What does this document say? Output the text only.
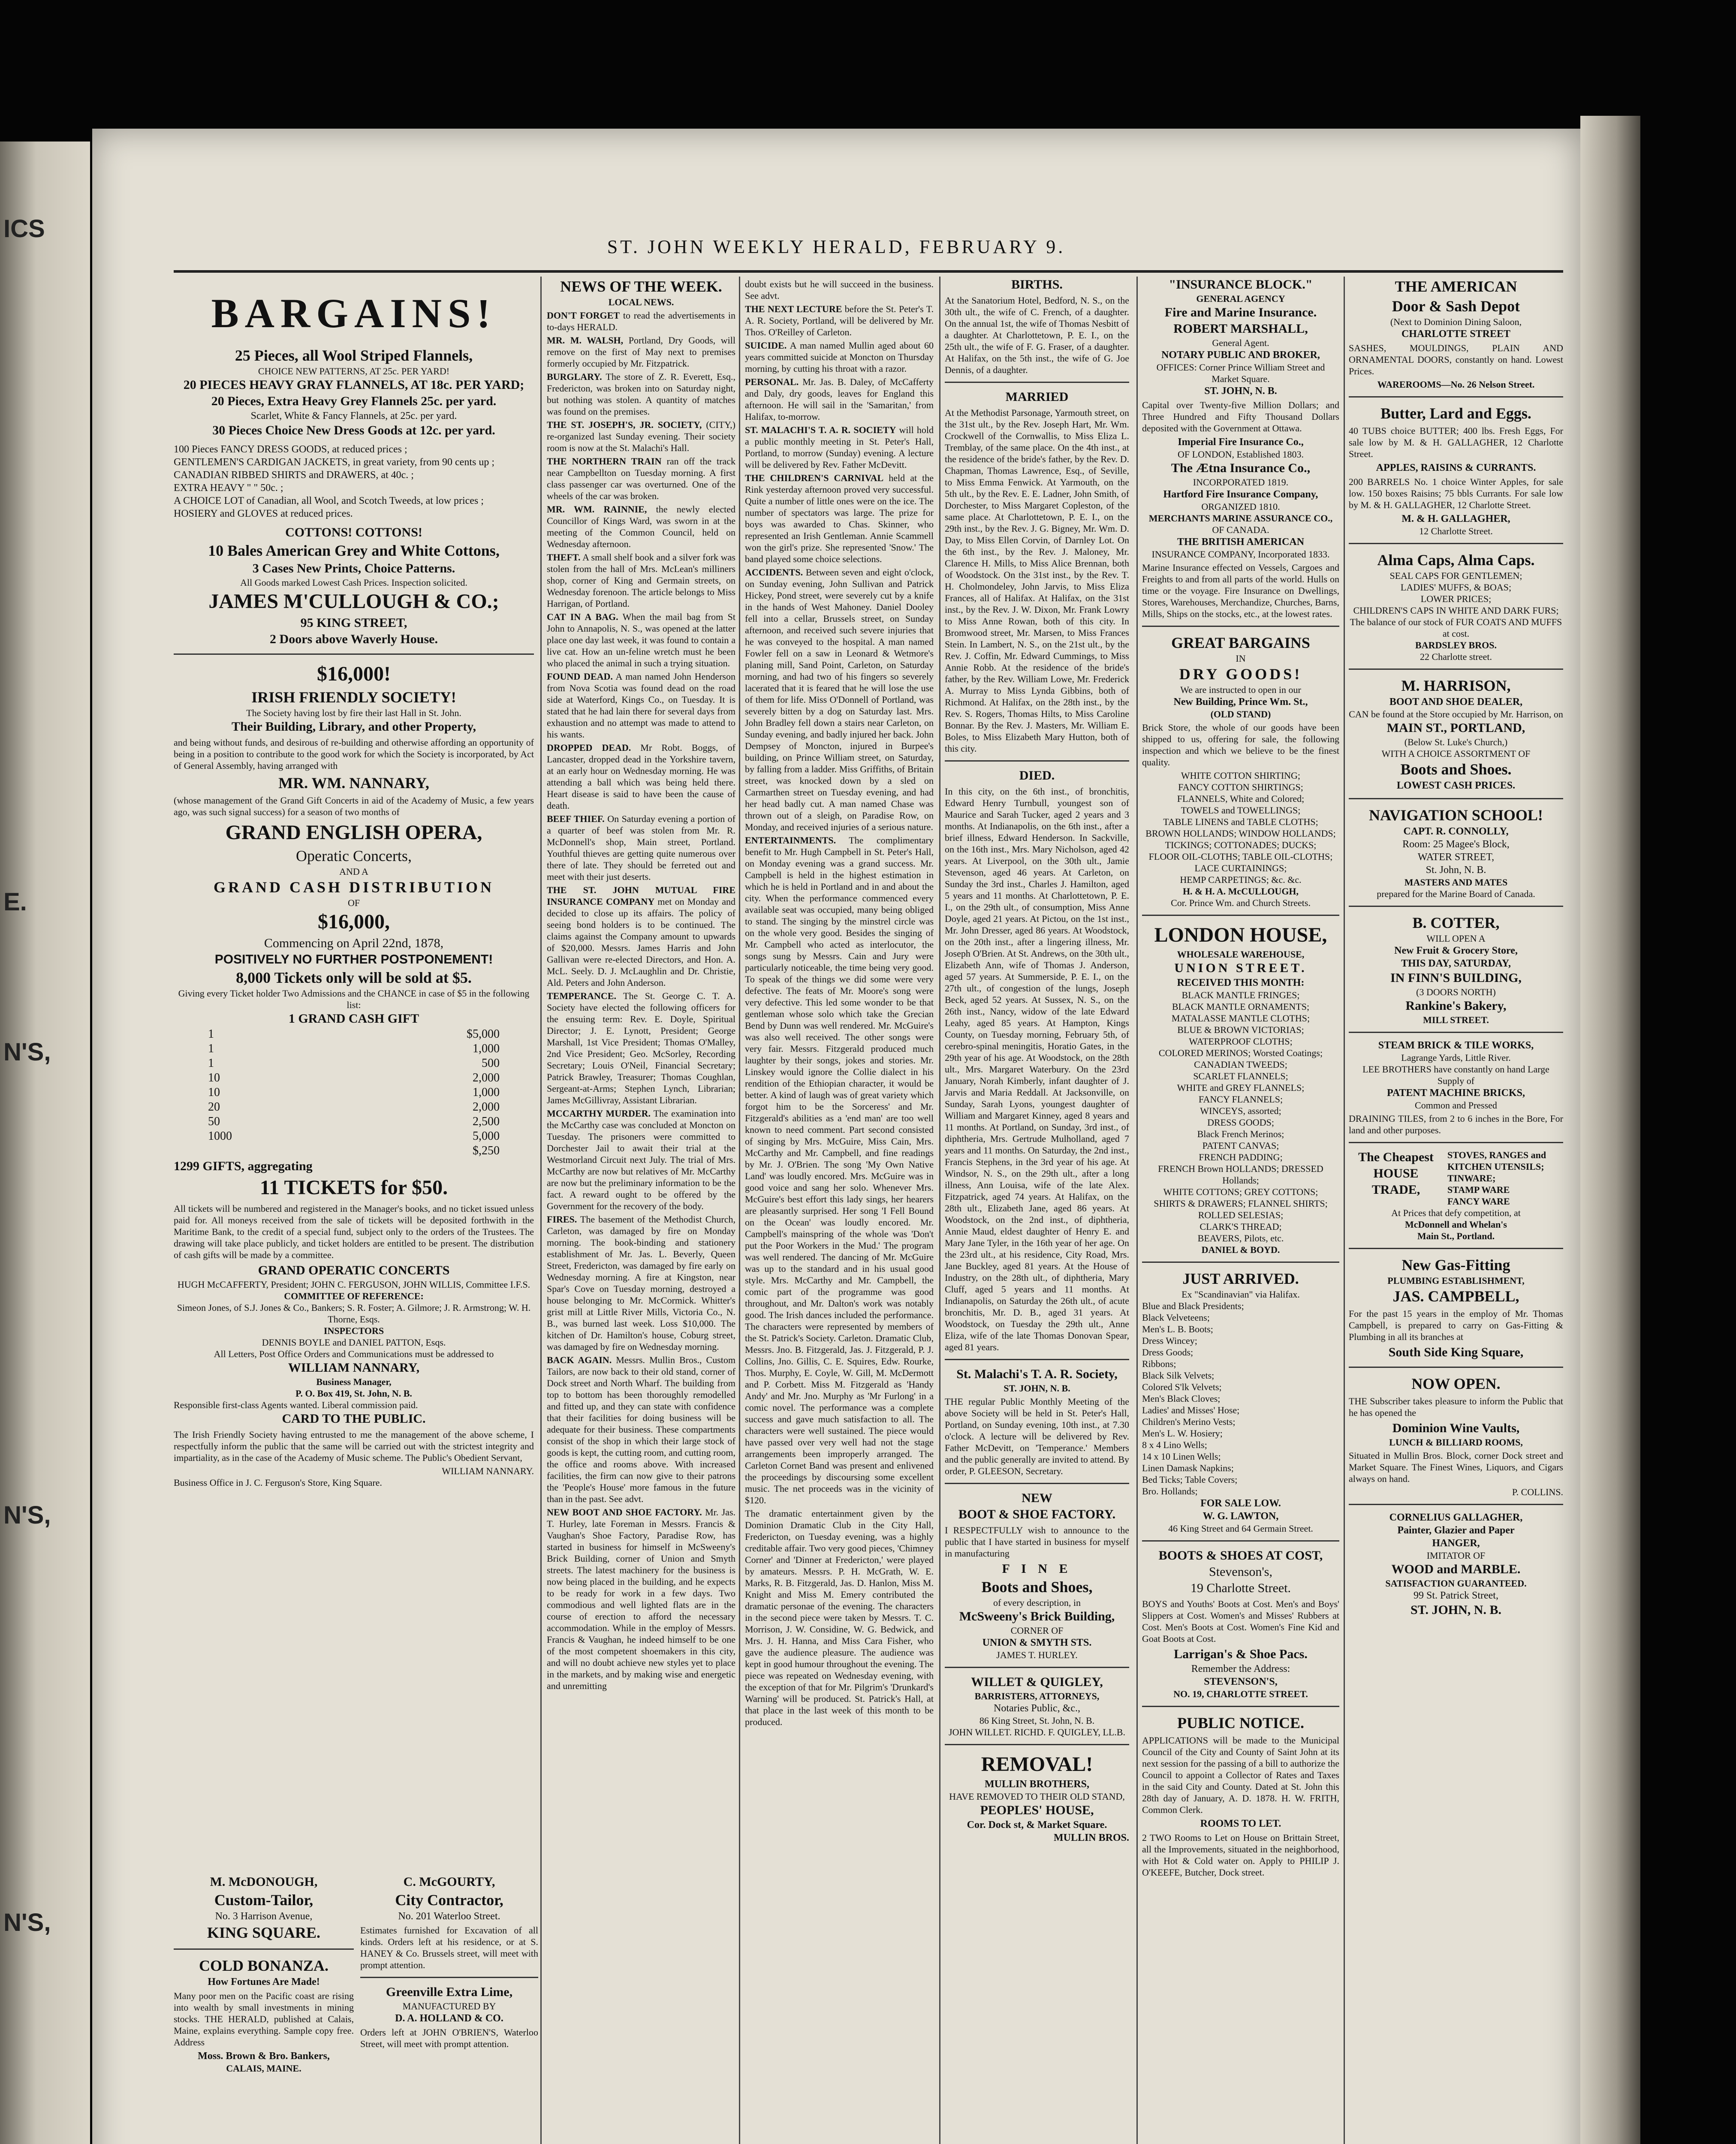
ICS
E.
N'S,
N'S,
N'S,
ST. JOHN WEEKLY HERALD, FEBRUARY 9.
BARGAINS!
25 Pieces, all Wool Striped Flannels,
CHOICE NEW PATTERNS, AT 25c. PER YARD!
20 PIECES HEAVY GRAY FLANNELS, AT 18c. PER YARD;
20 Pieces, Extra Heavy Grey Flannels 25c. per yard.
Scarlet, White & Fancy Flannels, at 25c. per yard.
30 Pieces Choice New Dress Goods at 12c. per yard.
100 Pieces FANCY DRESS GOODS, at reduced prices ;
GENTLEMEN'S CARDIGAN JACKETS, in great variety, from 90 cents up ;
CANADIAN RIBBED SHIRTS and DRAWERS, at 40c. ;
EXTRA HEAVY " " 50c. ;
A CHOICE LOT of Canadian, all Wool, and Scotch Tweeds, at low prices ;
HOSIERY and GLOVES at reduced prices.
COTTONS! COTTONS!
10 Bales American Grey and White Cottons,
3 Cases New Prints, Choice Patterns.
All Goods marked Lowest Cash Prices. Inspection solicited.
JAMES M'CULLOUGH & CO.;
95 KING STREET,
2 Doors above Waverly House.
$16,000!
IRISH FRIENDLY SOCIETY!
The Society having lost by fire their last Hall in St. John.
Their Building, Library, and other Property,
and being without funds, and desirous of re-building and otherwise affording an opportunity of being in a position to contribute to the good work for which the Society is incorporated, by Act of General Assembly, having arranged with
MR. WM. NANNARY,
(whose management of the Grand Gift Concerts in aid of the Academy of Music, a few years ago, was such signal success) for a season of two months of
GRAND ENGLISH OPERA,
Operatic Concerts,
AND A
GRAND CASH DISTRIBUTION
OF
$16,000,
Commencing on April 22nd, 1878,
POSITIVELY NO FURTHER POSTPONEMENT!
8,000 Tickets only will be sold at $5.
Giving every Ticket holder Two Admissions and the CHANCE in case of $5 in the following list:
1 GRAND CASH GIFT
1	$5,000
1	1,000
1	500
10	2,000
10	1,000
20	2,000
50	2,500
1000	5,000
$,250
1299 GIFTS, aggregating
11 TICKETS for $50.
All tickets will be numbered and registered in the Manager's books, and no ticket issued unless paid for. All moneys received from the sale of tickets will be deposited forthwith in the Maritime Bank, to the credit of a special fund, subject only to the orders of the Trustees. The drawing will take place publicly, and ticket holders are entitled to be present. The distribution of cash gifts will be made by a committee.
GRAND OPERATIC CONCERTS
HUGH McCAFFERTY, President; JOHN C. FERGUSON, JOHN WILLIS, Committee I.F.S.
COMMITTEE OF REFERENCE:
Simeon Jones, of S.J. Jones & Co., Bankers; S. R. Foster; A. Gilmore; J. R. Armstrong; W. H. Thorne, Esqs.
INSPECTORS
DENNIS BOYLE and DANIEL PATTON, Esqs.
All Letters, Post Office Orders and Communications must be addressed to
WILLIAM NANNARY,
Business Manager,
P. O. Box 419, St. John, N. B.
Responsible first-class Agents wanted. Liberal commission paid.
CARD TO THE PUBLIC.
The Irish Friendly Society having entrusted to me the management of the above scheme, I respectfully inform the public that the same will be carried out with the strictest integrity and impartiality, as in the case of the Academy of Music scheme. The Public's Obedient Servant,
WILLIAM NANNARY.
Business Office in J. C. Ferguson's Store, King Square.
M. McDONOUGH,
Custom-Tailor,
No. 3 Harrison Avenue,
KING SQUARE.
COLD BONANZA.
How Fortunes Are Made!
Many poor men on the Pacific coast are rising into wealth by small investments in mining stocks. THE HERALD, published at Calais, Maine, explains everything. Sample copy free. Address
Moss. Brown & Bro. Bankers,
CALAIS, MAINE.
C. McGOURTY,
City Contractor,
No. 201 Waterloo Street.
Estimates furnished for Excavation of all kinds. Orders left at his residence, or at S. HANEY & Co. Brussels street, will meet with prompt attention.
Greenville Extra Lime,
MANUFACTURED BY
D. A. HOLLAND & CO.
Orders left at JOHN O'BRIEN'S, Waterloo Street, will meet with prompt attention.
NEWS OF THE WEEK.
LOCAL NEWS.
DON'T FORGET to read the advertisements in to-days HERALD.
MR. M. WALSH, Portland, Dry Goods, will remove on the first of May next to premises formerly occupied by Mr. Fitzpatrick.
BURGLARY. The store of Z. R. Everett, Esq., Fredericton, was broken into on Saturday night, but nothing was stolen. A quantity of matches was found on the premises.
THE ST. JOSEPH'S, JR. SOCIETY, (CITY,) re-organized last Sunday evening. Their society room is now at the St. Malachi's Hall.
THE NORTHERN TRAIN ran off the track near Campbellton on Tuesday morning. A first class passenger car was overturned. One of the wheels of the car was broken.
MR. WM. RAINNIE, the newly elected Councillor of Kings Ward, was sworn in at the meeting of the Common Council, held on Wednesday afternoon.
THEFT. A small shelf book and a silver fork was stolen from the hall of Mrs. McLean's milliners shop, corner of King and Germain streets, on Wednesday forenoon. The article belongs to Miss Harrigan, of Portland.
CAT IN A BAG. When the mail bag from St John to Annapolis, N. S., was opened at the latter place one day last week, it was found to contain a live cat. How an un-feline wretch must he been who placed the animal in such a trying situation.
FOUND DEAD. A man named John Henderson from Nova Scotia was found dead on the road side at Waterford, Kings Co., on Tuesday. It is stated that he had lain there for several days from exhaustion and no attempt was made to attend to his wants.
DROPPED DEAD. Mr Robt. Boggs, of Lancaster, dropped dead in the Yorkshire tavern, at an early hour on Wednesday morning. He was attending a ball which was being held there. Heart disease is said to have been the cause of death.
BEEF THIEF. On Saturday evening a portion of a quarter of beef was stolen from Mr. R. McDonnell's shop, Main street, Portland. Youthful thieves are getting quite numerous over there of late. They should be ferreted out and meet with their just deserts.
THE ST. JOHN MUTUAL FIRE INSURANCE COMPANY met on Monday and decided to close up its affairs. The policy of seeing bond holders is to be continued. The claims against the Company amount to upwards of $20,000. Messrs. James Harris and John Gallivan were re-elected Directors, and Hon. A. McL. Seely. D. J. McLaughlin and Dr. Christie, Ald. Peters and John Anderson.
TEMPERANCE. The St. George C. T. A. Society have elected the following officers for the ensuing term: Rev. E. Doyle, Spiritual Director; J. E. Lynott, President; George Marshall, 1st Vice President; Thomas O'Malley, 2nd Vice President; Geo. McSorley, Recording Secretary; Louis O'Neil, Financial Secretary; Patrick Brawley, Treasurer; Thomas Coughlan, Sergeant-at-Arms; Stephen Lynch, Librarian; James McGillivray, Assistant Librarian.
MCCARTHY MURDER. The examination into the McCarthy case was concluded at Moncton on Tuesday. The prisoners were committed to Dorchester Jail to await their trial at the Westmorland Circuit next July. The trial of Mrs. McCarthy are now but relatives of Mr. McCarthy are now but the preliminary information to be the fact. A reward ought to be offered by the Government for the recovery of the body.
FIRES. The basement of the Methodist Church, Carleton, was damaged by fire on Monday morning. The book-binding and stationery establishment of Mr. Jas. L. Beverly, Queen Street, Fredericton, was damaged by fire early on Wednesday morning. A fire at Kingston, near Spar's Cove on Tuesday morning, destroyed a house belonging to Mr. McCormick. Whitter's grist mill at Little River Mills, Victoria Co., N. B., was burned last week. Loss $10,000. The kitchen of Dr. Hamilton's house, Coburg street, was damaged by fire on Wednesday morning.
BACK AGAIN. Messrs. Mullin Bros., Custom Tailors, are now back to their old stand, corner of Dock street and North Wharf. The building from top to bottom has been thoroughly remodelled and fitted up, and they can state with confidence that their facilities for doing business will be adequate for their business. These compartments consist of the shop in which their large stock of goods is kept, the cutting room, and cutting room, the office and rooms above. With increased facilities, the firm can now give to their patrons the 'People's House' more famous in the future than in the past. See advt.
NEW BOOT AND SHOE FACTORY. Mr. Jas. T. Hurley, late Foreman in Messrs. Francis & Vaughan's Shoe Factory, Paradise Row, has started in business for himself in McSweeny's Brick Building, corner of Union and Smyth streets. The latest machinery for the business is now being placed in the building, and he expects to be ready for work in a few days. Two commodious and well lighted flats are in the course of erection to afford the necessary accommodation. While in the employ of Messrs. Francis & Vaughan, he indeed himself to be one of the most competent shoemakers in this city, and will no doubt achieve new styles yet to place in the markets, and by making wise and energetic and unremitting
doubt exists but he will succeed in the business. See advt.
THE NEXT LECTURE before the St. Peter's T. A. R. Society, Portland, will be delivered by Mr. Thos. O'Reilley of Carleton.
SUICIDE. A man named Mullin aged about 60 years committed suicide at Moncton on Thursday morning, by cutting his throat with a razor.
PERSONAL. Mr. Jas. B. Daley, of McCafferty and Daly, dry goods, leaves for England this afternoon. He will sail in the 'Samaritan,' from Halifax, to-morrow.
ST. MALACHI'S T. A. R. SOCIETY will hold a public monthly meeting in St. Peter's Hall, Portland, to morrow (Sunday) evening. A lecture will be delivered by Rev. Father McDevitt.
THE CHILDREN'S CARNIVAL held at the Rink yesterday afternoon proved very successful. Quite a number of little ones were on the ice. The number of spectators was large. The prize for boys was awarded to Chas. Skinner, who represented an Irish Gentleman. Annie Scammell won the girl's prize. She represented 'Snow.' The band played some choice selections.
ACCIDENTS. Between seven and eight o'clock, on Sunday evening, John Sullivan and Patrick Hickey, Pond street, were severely cut by a knife in the hands of West Mahoney. Daniel Dooley fell into a cellar, Brussels street, on Sunday afternoon, and received such severe injuries that he was conveyed to the hospital. A man named Fowler fell on a saw in Leonard & Wetmore's planing mill, Sand Point, Carleton, on Saturday morning, and had two of his fingers so severely lacerated that it is feared that he will lose the use of them for life. Miss O'Donnell of Portland, was severely bitten by a dog on Saturday last. Mrs. John Bradley fell down a stairs near Carleton, on Sunday evening, and badly injured her back. John Dempsey of Moncton, injured in Burpee's building, on Prince William street, on Saturday, by falling from a ladder. Miss Griffiths, of Britain street, was knocked down by a sled on Carmarthen street on Tuesday evening, and had her head badly cut. A man named Chase was thrown out of a sleigh, on Paradise Row, on Monday, and received injuries of a serious nature.
ENTERTAINMENTS. The complimentary benefit to Mr. Hugh Campbell in St. Peter's Hall, on Monday evening was a grand success. Mr. Campbell is held in the highest estimation in which he is held in Portland and in and about the city. When the performance commenced every available seat was occupied, many being obliged to stand. The singing by the minstrel circle was on the whole very good. Besides the singing of Mr. Campbell who acted as interlocutor, the songs sung by Messrs. Cain and Jury were particularly noticeable, the time being very good. To speak of the things we did some were very defective. The feats of Mr. Moore's song were very defective. This led some wonder to be that gentleman whose solo which take the Grecian Bend by Dunn was well rendered. Mr. McGuire's was also well received. The other songs were very fair. Messrs. Fitzgerald produced much laughter by their songs, jokes and stories. Mr. Linskey would ignore the Collie dialect in his rendition of the Ethiopian character, it would be better. A kind of laugh was of great variety which forgot him to be the Sorceress' and Mr. Fitzgerald's abilities as a 'end man' are too well known to need comment. Part second consisted of singing by Mrs. McGuire, Miss Cain, Mrs. McCarthy and Mr. Campbell, and fine readings by Mr. J. O'Brien. The song 'My Own Native Land' was loudly encored. Mrs. McGuire was in good voice and sang her solo. Whenever Mrs. McGuire's best effort this lady sings, her hearers are pleasantly surprised. Her song 'I Fell Bound on the Ocean' was loudly encored. Mr. Campbell's mainspring of the whole was 'Don't put the Poor Workers in the Mud.' The program was well rendered. The dancing of Mr. McGuire was up to the standard and in his usual good style. Mrs. McCarthy and Mr. Campbell, the comic part of the programme was good throughout, and Mr. Dalton's work was notably good. The Irish dances included the performance. The characters were represented by members of the St. Patrick's Society. Carleton. Dramatic Club, Messrs. Jno. B. Fitzgerald, Jas. J. Fitzgerald, P. J. Collins, Jno. Gillis, C. E. Squires, Edw. Rourke, Thos. Murphy, E. Coyle, W. Gill, M. McDermott and P. Corbett. Miss M. Fitzgerald as 'Handy Andy' and Mr. Jno. Murphy as 'Mr Furlong' in a comic novel. The performance was a complete success and gave much satisfaction to all. The characters were well sustained. The piece would have passed over very well had not the stage arrangements been improperly arranged. The Carleton Cornet Band was present and enlivened the proceedings by discoursing some excellent music. The net proceeds was in the vicinity of $120.
The dramatic entertainment given by the Dominion Dramatic Club in the City Hall, Fredericton, on Tuesday evening, was a highly creditable affair. Two very good pieces, 'Chimney Corner' and 'Dinner at Fredericton,' were played by amateurs. Messrs. P. H. McGrath, W. E. Marks, R. B. Fitzgerald, Jas. D. Hanlon, Miss M. Knight and Miss M. Emery contributed the dramatic personae of the evening. The characters in the second piece were taken by Messrs. T. C. Morrison, J. W. Considine, W. G. Bedwick, and Mrs. J. H. Hanna, and Miss Cara Fisher, who gave the audience pleasure. The audience was kept in good humour throughout the evening. The piece was repeated on Wednesday evening, with the exception of that for Mr. Pilgrim's 'Drunkard's Warning' will be produced. St. Patrick's Hall, at that place in the last week of this month to be produced.
BIRTHS.
At the Sanatorium Hotel, Bedford, N. S., on the 30th ult., the wife of C. French, of a daughter. On the annual 1st, the wife of Thomas Nesbitt of a daughter. At Charlottetown, P. E. I., on the 25th ult., the wife of F. G. Fraser, of a daughter. At Halifax, on the 5th inst., the wife of G. Joe Dennis, of a daughter.
MARRIED
At the Methodist Parsonage, Yarmouth street, on the 31st ult., by the Rev. Joseph Hart, Mr. Wm. Crockwell of the Cornwallis, to Miss Eliza L. Tremblay, of the same place. On the 4th inst., at the residence of the bride's father, by the Rev. D. Chapman, Thomas Lawrence, Esq., of Seville, to Miss Emma Fenwick. At Yarmouth, on the 5th ult., by the Rev. E. E. Ladner, John Smith, of Dorchester, to Miss Margaret Copleston, of the same place. At Charlottetown, P. E. I., on the 29th inst., by the Rev. J. G. Bigney, Mr. Wm. D. Day, to Miss Ellen Corvin, of Darnley Lot. On the 6th inst., by the Rev. J. Maloney, Mr. Clarence H. Mills, to Miss Alice Brennan, both of Woodstock. On the 31st inst., by the Rev. T. H. Cholmondeley, John Jarvis, to Miss Eliza Frances, all of Halifax. At Halifax, on the 31st inst., by the Rev. J. W. Dixon, Mr. Frank Lowry to Miss Anne Rowan, both of this city. In Bromwood street, Mr. Marsen, to Miss Frances Stein. In Lambert, N. S., on the 21st ult., by the Rev. J. Coffin, Mr. Edward Cummings, to Miss Annie Robb. At the residence of the bride's father, by the Rev. William Lowe, Mr. Frederick A. Murray to Miss Lynda Gibbins, both of Richmond. At Halifax, on the 28th inst., by the Rev. S. Rogers, Thomas Hilts, to Miss Caroline Bonnar. By the Rev. J. Masters, Mr. William E. Boles, to Miss Elizabeth Mary Hutton, both of this city.
DIED.
In this city, on the 6th inst., of bronchitis, Edward Henry Turnbull, youngest son of Maurice and Sarah Tucker, aged 2 years and 3 months. At Indianapolis, on the 6th inst., after a brief illness, Edward Henderson. In Sackville, on the 16th inst., Mrs. Mary Nicholson, aged 42 years. At Liverpool, on the 30th ult., Jamie Stevenson, aged 46 years. At Carleton, on Sunday the 3rd inst., Charles J. Hamilton, aged 5 years and 11 months. At Charlottetown, P. E. I., on the 29th ult., of consumption, Miss Anne Doyle, aged 21 years. At Pictou, on the 1st inst., Mr. John Dresser, aged 86 years. At Woodstock, on the 20th inst., after a lingering illness, Mr. Joseph O'Brien. At St. Andrews, on the 30th ult., Elizabeth Ann, wife of Thomas J. Anderson, aged 57 years. At Summerside, P. E. I., on the 27th ult., of congestion of the lungs, Joseph Beck, aged 52 years. At Sussex, N. S., on the 26th inst., Nancy, widow of the late Edward Leahy, aged 85 years. At Hampton, Kings County, on Tuesday morning, February 5th, of cerebro-spinal meningitis, Horatio Gates, in the 29th year of his age. At Woodstock, on the 28th ult., Mrs. Margaret Waterbury. On the 23rd January, Norah Kimberly, infant daughter of J. Jarvis and Maria Reddall. At Jacksonville, on Sunday, Sarah Lyons, youngest daughter of William and Margaret Kinney, aged 8 years and 11 months. At Portland, on Sunday, 3rd inst., of diphtheria, Mrs. Gertrude Mulholland, aged 7 years and 11 months. On Saturday, the 2nd inst., Francis Stephens, in the 3rd year of his age. At Windsor, N. S., on the 29th ult., after a long illness, Ann Louisa, wife of the late Alex. Fitzpatrick, aged 74 years. At Halifax, on the 28th ult., Elizabeth Jane, aged 86 years. At Woodstock, on the 2nd inst., of diphtheria, Annie Maud, eldest daughter of Henry E. and Mary Jane Tyler, in the 16th year of her age. On the 23rd ult., at his residence, City Road, Mrs. Jane Buckley, aged 81 years. At the House of Industry, on the 28th ult., of diphtheria, Mary Cluff, aged 5 years and 11 months. At Indianapolis, on Saturday the 26th ult., of acute bronchitis, Mr. D. B., aged 31 years. At Woodstock, on Tuesday the 29th ult., Anne Eliza, wife of the late Thomas Donovan Spear, aged 81 years.
St. Malachi's T. A. R. Society,
ST. JOHN, N. B.
THE regular Public Monthly Meeting of the above Society will be held in St. Peter's Hall, Portland, on Sunday evening, 10th inst., at 7.30 o'clock. A lecture will be delivered by Rev. Father McDevitt, on 'Temperance.' Members and the public generally are invited to attend. By order, P. GLEESON, Secretary.
NEW
BOOT & SHOE FACTORY.
I RESPECTFULLY wish to announce to the public that I have started in business for myself in manufacturing
F I N E
Boots and Shoes,
of every description, in
McSweeny's Brick Building,
CORNER OF
UNION & SMYTH STS.
JAMES T. HURLEY.
WILLET & QUIGLEY,
BARRISTERS, ATTORNEYS,
Notaries Public, &c.,
86 King Street, St. John, N. B.
JOHN WILLET. RICHD. F. QUIGLEY, LL.B.
REMOVAL!
MULLIN BROTHERS,
HAVE REMOVED TO THEIR OLD STAND,
PEOPLES' HOUSE,
Cor. Dock st, & Market Square.
MULLIN BROS.
"INSURANCE BLOCK."
GENERAL AGENCY
Fire and Marine Insurance.
ROBERT MARSHALL,
General Agent.
NOTARY PUBLIC AND BROKER,
OFFICES: Corner Prince William Street and Market Square.
ST. JOHN, N. B.
Capital over Twenty-five Million Dollars; and Three Hundred and Fifty Thousand Dollars deposited with the Government at Ottawa.
Imperial Fire Insurance Co.,
OF LONDON, Established 1803.
The Ætna Insurance Co.,
INCORPORATED 1819.
Hartford Fire Insurance Company,
ORGANIZED 1810.
MERCHANTS MARINE ASSURANCE CO.,
OF CANADA.
THE BRITISH AMERICAN
INSURANCE COMPANY, Incorporated 1833.
Marine Insurance effected on Vessels, Cargoes and Freights to and from all parts of the world. Hulls on time or the voyage. Fire Insurance on Dwellings, Stores, Warehouses, Merchandize, Churches, Barns, Mills, Ships on the stocks, etc., at the lowest rates.
GREAT BARGAINS
IN
DRY GOODS!
We are instructed to open in our
New Building, Prince Wm. St.,
(OLD STAND)
Brick Store, the whole of our goods have been shipped to us, offering for sale, the following inspection and which we believe to be the finest quality.
WHITE COTTON SHIRTING;
FANCY COTTON SHIRTINGS;
FLANNELS, White and Colored;
TOWELS and TOWELLINGS;
TABLE LINENS and TABLE CLOTHS;
BROWN HOLLANDS; WINDOW HOLLANDS;
TICKINGS; COTTONADES; DUCKS;
FLOOR OIL-CLOTHS; TABLE OIL-CLOTHS;
LACE CURTAININGS;
HEMP CARPETINGS; &c. &c.
H. & H. A. McCULLOUGH,
Cor. Prince Wm. and Church Streets.
LONDON HOUSE,
WHOLESALE WAREHOUSE,
UNION STREET.
RECEIVED THIS MONTH:
BLACK MANTLE FRINGES;
BLACK MANTLE ORNAMENTS;
MATALASSE MANTLE CLOTHS;
BLUE & BROWN VICTORIAS;
WATERPROOF CLOTHS;
COLORED MERINOS; Worsted Coatings;
CANADIAN TWEEDS;
SCARLET FLANNELS;
WHITE and GREY FLANNELS;
FANCY FLANNELS;
WINCEYS, assorted;
DRESS GOODS;
Black French Merinos;
PATENT CANVAS;
FRENCH PADDING;
FRENCH Brown HOLLANDS; DRESSED Hollands;
WHITE COTTONS; GREY COTTONS;
SHIRTS & DRAWERS; FLANNEL SHIRTS;
ROLLED SELESIAS;
CLARK'S THREAD;
BEAVERS, Pilots, etc.
DANIEL & BOYD.
JUST ARRIVED.
Ex "Scandinavian" via Halifax.
Blue and Black Presidents;
Black Velveteens;
Men's L. B. Boots;
Dress Wincey;
Dress Goods;
Ribbons;
Black Silk Velvets;
Colored S'lk Velvets;
Men's Black Cloves;
Ladies' and Misses' Hose;
Children's Merino Vests;
Men's L. W. Hosiery;
8 x 4 Lino Wells;
14 x 10 Linen Wells;
Linen Damask Napkins;
Bed Ticks; Table Covers;
Bro. Hollands;
FOR SALE LOW.
W. G. LAWTON,
46 King Street and 64 Germain Street.
BOOTS & SHOES AT COST,
Stevenson's,
19 Charlotte Street.
BOYS and Youths' Boots at Cost. Men's and Boys' Slippers at Cost. Women's and Misses' Rubbers at Cost. Men's Boots at Cost. Women's Fine Kid and Goat Boots at Cost.
Larrigan's & Shoe Pacs.
Remember the Address:
STEVENSON'S,
NO. 19, CHARLOTTE STREET.
PUBLIC NOTICE.
APPLICATIONS will be made to the Municipal Council of the City and County of Saint John at its next session for the passing of a bill to authorize the Council to appoint a Collector of Rates and Taxes in the said City and County. Dated at St. John this 28th day of January, A. D. 1878. H. W. FRITH, Common Clerk.
ROOMS TO LET.
2 TWO Rooms to Let on House on Brittain Street, all the Improvements, situated in the neighborhood, with Hot & Cold water on. Apply to PHILIP J. O'KEEFE, Butcher, Dock street.
THE AMERICAN
Door & Sash Depot
(Next to Dominion Dining Saloon,
CHARLOTTE STREET
SASHES, MOULDINGS, PLAIN AND ORNAMENTAL DOORS, constantly on hand. Lowest Prices.
WAREROOMS—No. 26 Nelson Street.
Butter, Lard and Eggs.
40 TUBS choice BUTTER; 400 lbs. Fresh Eggs, For sale low by M. & H. GALLAGHER, 12 Charlotte Street.
APPLES, RAISINS & CURRANTS.
200 BARRELS No. 1 choice Winter Apples, for sale low. 150 boxes Raisins; 75 bbls Currants. For sale low by M. & H. GALLAGHER, 12 Charlotte Street.
M. & H. GALLAGHER,
12 Charlotte Street.
Alma Caps, Alma Caps.
SEAL CAPS FOR GENTLEMEN;
LADIES' MUFFS, & BOAS;
LOWER PRICES;
CHILDREN'S CAPS IN WHITE AND DARK FURS;
The balance of our stock of FUR COATS AND MUFFS at cost.
BARDSLEY BROS.
22 Charlotte street.
M. HARRISON,
BOOT AND SHOE DEALER,
CAN be found at the Store occupied by Mr. Harrison, on
MAIN ST., PORTLAND,
(Below St. Luke's Church,)
WITH A CHOICE ASSORTMENT OF
Boots and Shoes.
LOWEST CASH PRICES.
NAVIGATION SCHOOL!
CAPT. R. CONNOLLY,
Room: 25 Magee's Block,
WATER STREET,
St. John, N. B.
MASTERS AND MATES
prepared for the Marine Board of Canada.
B. COTTER,
WILL OPEN A
New Fruit & Grocery Store,
THIS DAY, SATURDAY,
IN FINN'S BUILDING,
(3 DOORS NORTH)
Rankine's Bakery,
MILL STREET.
STEAM BRICK & TILE WORKS,
Lagrange Yards, Little River.
LEE BROTHERS have constantly on hand Large Supply of
PATENT MACHINE BRICKS,
Common and Pressed
DRAINING TILES, from 2 to 6 inches in the Bore, For land and other purposes.
The Cheapest
HOUSE
TRADE,
STOVES, RANGES and KITCHEN UTENSILS;
TINWARE;
STAMP WARE
FANCY WARE
At Prices that defy competition, at
McDonnell and Whelan's
Main St., Portland.
New Gas-Fitting
PLUMBING ESTABLISHMENT,
JAS. CAMPBELL,
For the past 15 years in the employ of Mr. Thomas Campbell, is prepared to carry on Gas-Fitting & Plumbing in all its branches at
South Side King Square,
NOW OPEN.
THE Subscriber takes pleasure to inform the Public that he has opened the
Dominion Wine Vaults,
LUNCH & BILLIARD ROOMS,
Situated in Mullin Bros. Block, corner Dock street and Market Square. The Finest Wines, Liquors, and Cigars always on hand.
P. COLLINS.
CORNELIUS GALLAGHER,
Painter, Glazier and Paper
HANGER,
IMITATOR OF
WOOD and MARBLE.
SATISFACTION GUARANTEED.
99 St. Patrick Street,
ST. JOHN, N. B.
